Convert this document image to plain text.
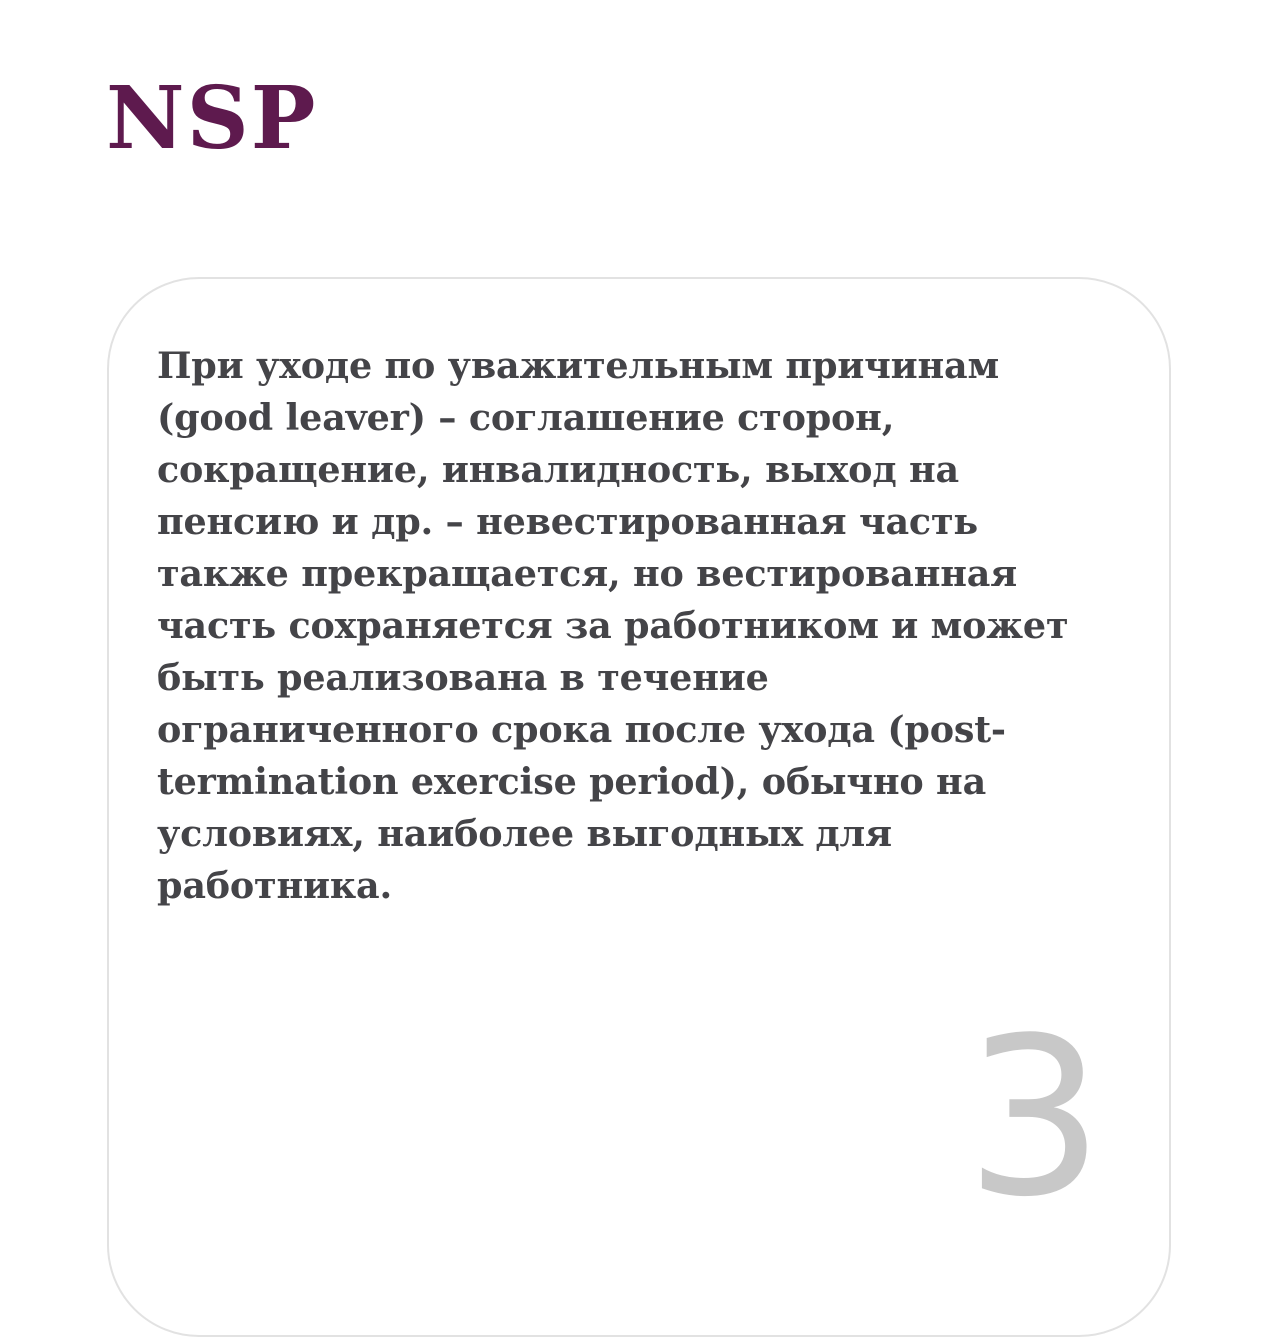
NSP

При уходе по уважительным причинам (good leaver) – соглашение сторон, сокращение, инвалидность, выход на пенсию и др. – невестированная часть также прекращается, но вестированная часть сохраняется за работником и может быть реализована в течение ограниченного срока после ухода (post-termination exercise period), обычно на условиях, наиболее выгодных для работника.

3
